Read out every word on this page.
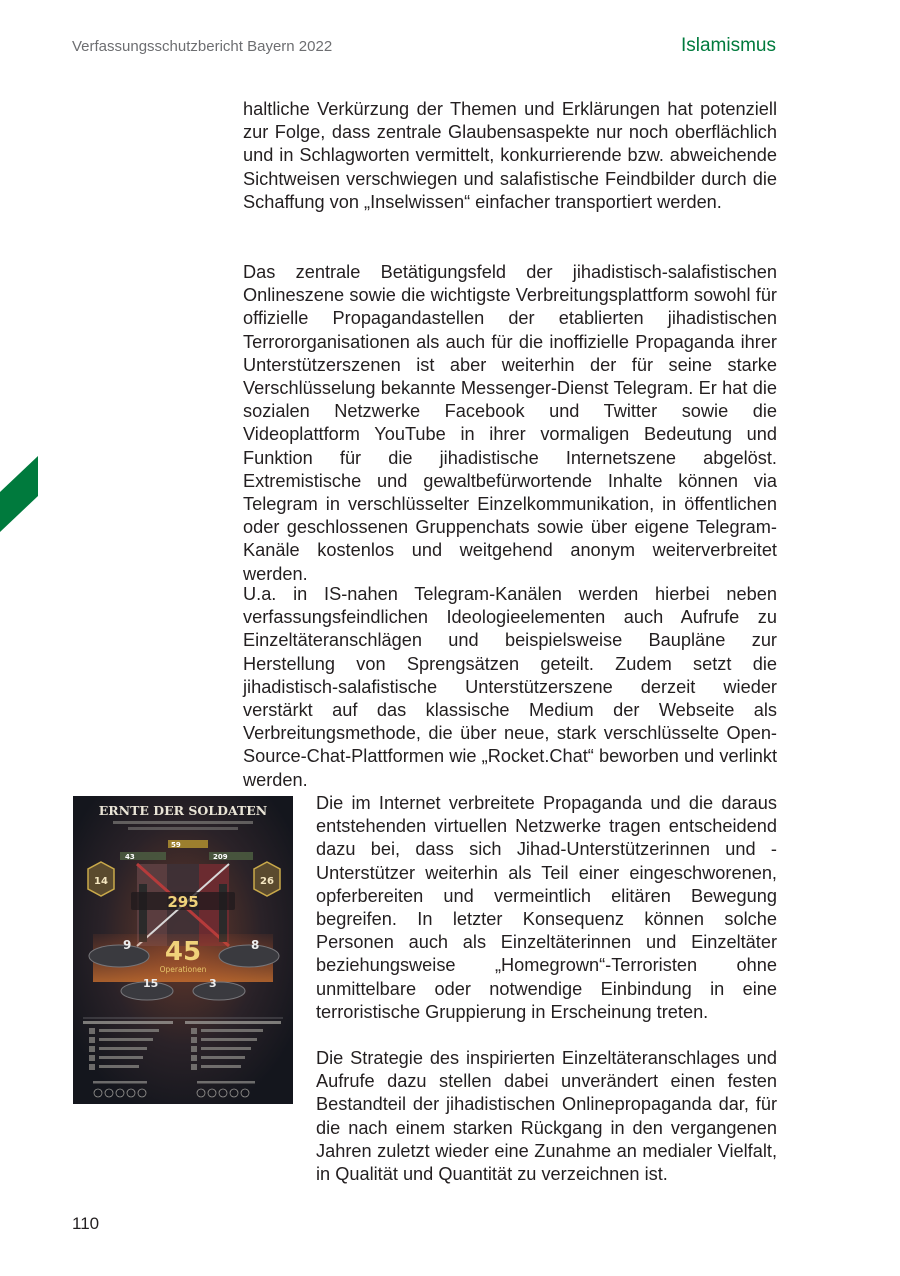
Verfassungsschutzbericht Bayern 2022	Islamismus

haltliche Verkürzung der Themen und Erklärungen hat potenziell zur Folge, dass zentrale Glaubensaspekte nur noch oberflächlich und in Schlagworten vermittelt, konkurrierende bzw. abweichende Sichtweisen verschwiegen und salafistische Feindbilder durch die Schaffung von „Inselwissen“ einfacher transportiert werden.

Das zentrale Betätigungsfeld der jihadistisch-salafistischen Onlineszene sowie die wichtigste Verbreitungsplattform sowohl für offizielle Propagandastellen der etablierten jihadistischen Terrororganisationen als auch für die inoffizielle Propaganda ihrer Unterstützerszenen ist aber weiterhin der für seine starke Verschlüsselung bekannte Messenger-Dienst Telegram. Er hat die sozialen Netzwerke Facebook und Twitter sowie die Videoplattform YouTube in ihrer vormaligen Bedeutung und Funktion für die jihadistische Internetszene abgelöst. Extremistische und gewaltbefürwortende Inhalte können via Telegram in verschlüsselter Einzelkommunikation, in öffentlichen oder geschlossenen Gruppenchats sowie über eigene Telegram-Kanäle kostenlos und weitgehend anonym weiterverbreitet werden.

U.a. in IS-nahen Telegram-Kanälen werden hierbei neben verfassungsfeindlichen Ideologieelementen auch Aufrufe zu Einzeltäteranschlägen und beispielsweise Baupläne zur Herstellung von Sprengsätzen geteilt. Zudem setzt die jihadistisch-salafistische Unterstützerszene derzeit wieder verstärkt auf das klassische Medium der Webseite als Verbreitungsmethode, die über neue, stark verschlüsselte Open-Source-Chat-Plattformen wie „Rocket.Chat“ beworben und verlinkt werden.

Die im Internet verbreitete Propaganda und die daraus entstehenden virtuellen Netzwerke tragen entscheidend dazu bei, dass sich Jihad-Unterstützerinnen und -Unterstützer weiterhin als Teil einer eingeschworenen, opferbereiten und vermeintlich elitären Bewegung begreifen. In letzter Konsequenz können solche Personen auch als Einzeltäterinnen und Einzeltäter beziehungsweise „Homegrown“-Terroristen ohne unmittelbare oder notwendige Einbindung in eine terroristische Gruppierung in Erscheinung treten.

Die Strategie des inspirierten Einzeltäteranschlages und Aufrufe dazu stellen dabei unverändert einen festen Bestandteil der jihadistischen Onlinepropaganda dar, für die nach einem starken Rückgang in den vergangenen Jahren zuletzt wieder eine Zunahme an medialer Vielfalt, in Qualität und Quantität zu verzeichnen ist.

ERNTE DER SOLDATEN
43
59
209
14	26
295
9	8
45
Operationen
15	3
110
